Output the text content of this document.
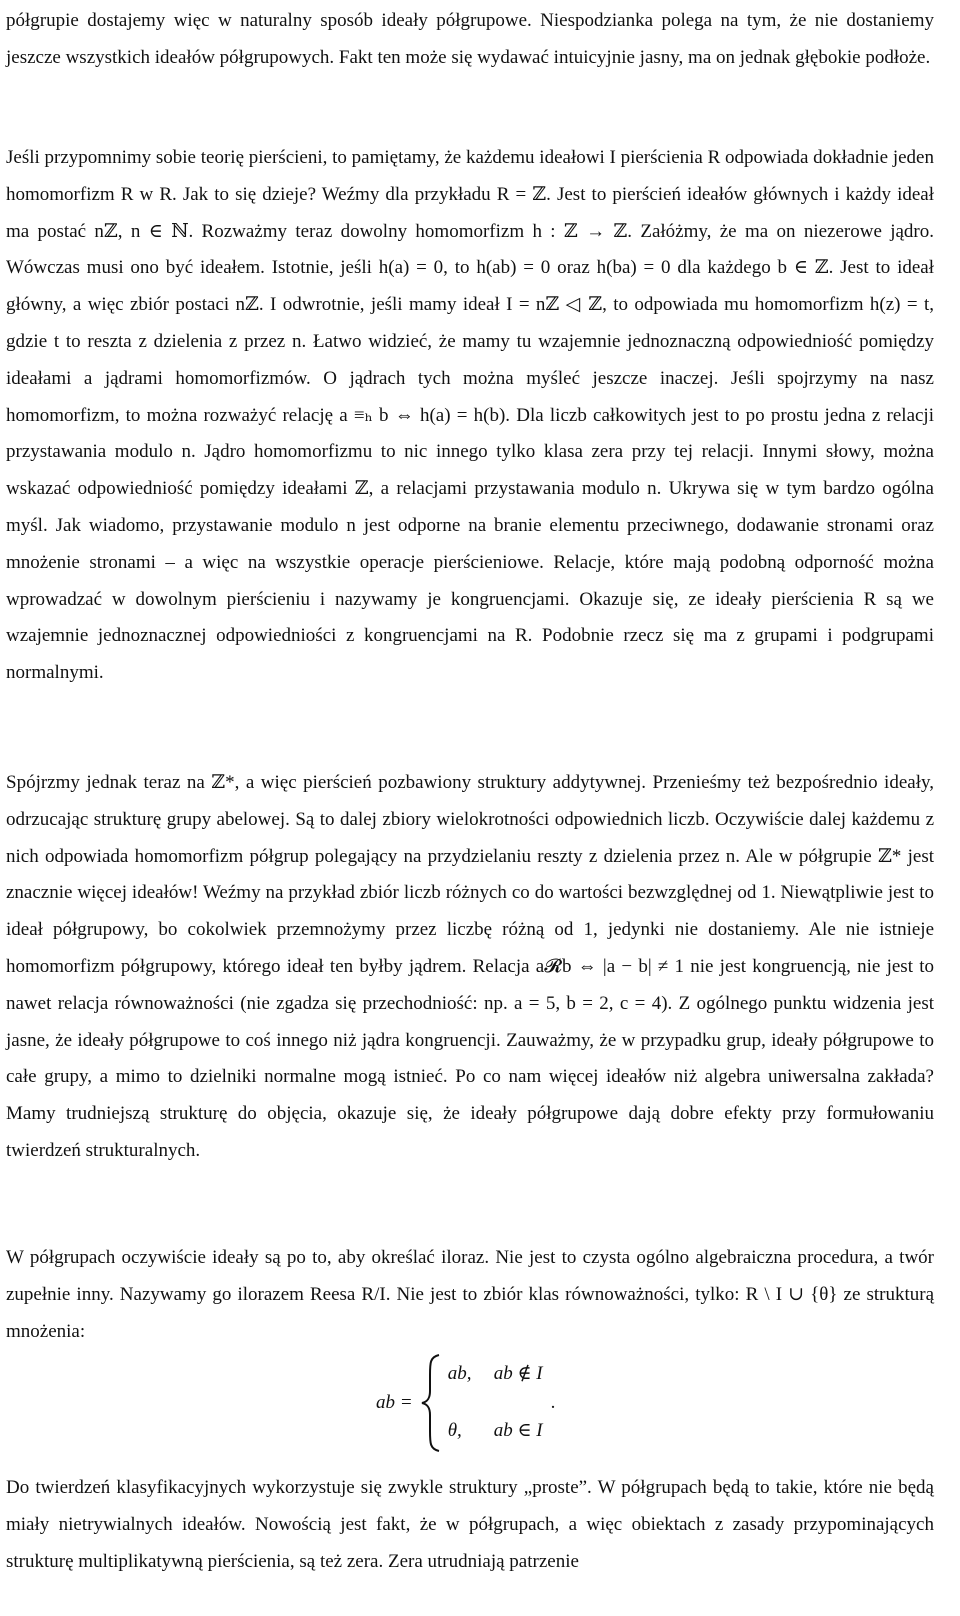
półgrupie dostajemy więc w naturalny sposób ideały półgrupowe. Niespodzianka polega na tym, że nie dostaniemy jeszcze wszystkich ideałów półgrupowych. Fakt ten może się wydawać intuicyjnie jasny, ma on jednak głębokie podłoże.

Jeśli przypomnimy sobie teorię pierścieni, to pamiętamy, że każdemu ideałowi I pierścienia R odpowiada dokładnie jeden homomorfizm R w R. Jak to się dzieje? Weźmy dla przykładu R = ℤ. Jest to pierścień ideałów głównych i każdy ideał ma postać nℤ, n ∈ ℕ. Rozważmy teraz dowolny homomorfizm h : ℤ → ℤ. Załóżmy, że ma on niezerowe jądro. Wówczas musi ono być ideałem. Istotnie, jeśli h(a) = 0, to h(ab) = 0 oraz h(ba) = 0 dla każdego b ∈ ℤ. Jest to ideał główny, a więc zbiór postaci nℤ. I odwrotnie, jeśli mamy ideał I = nℤ ◁ ℤ, to odpowiada mu homomorfizm h(z) = t, gdzie t to reszta z dzielenia z przez n. Łatwo widzieć, że mamy tu wzajemnie jednoznaczną odpowiedniość pomiędzy ideałami a jądrami homomorfizmów. O jądrach tych można myśleć jeszcze inaczej. Jeśli spojrzymy na nasz homomorfizm, to można rozważyć relację a ≡ₕ b ⇔ h(a) = h(b). Dla liczb całkowitych jest to po prostu jedna z relacji przystawania modulo n. Jądro homomorfizmu to nic innego tylko klasa zera przy tej relacji. Innymi słowy, można wskazać odpowiedniość pomiędzy ideałami ℤ, a relacjami przystawania modulo n. Ukrywa się w tym bardzo ogólna myśl. Jak wiadomo, przystawanie modulo n jest odporne na branie elementu przeciwnego, dodawanie stronami oraz mnożenie stronami – a więc na wszystkie operacje pierścieniowe. Relacje, które mają podobną odporność można wprowadzać w dowolnym pierścieniu i nazywamy je kongruencjami. Okazuje się, ze ideały pierścienia R są we wzajemnie jednoznacznej odpowiedniości z kongruencjami na R. Podobnie rzecz się ma z grupami i podgrupami normalnymi.

Spójrzmy jednak teraz na ℤ*, a więc pierścień pozbawiony struktury addytywnej. Przenieśmy też bezpośrednio ideały, odrzucając strukturę grupy abelowej. Są to dalej zbiory wielokrotności odpowiednich liczb. Oczywiście dalej każdemu z nich odpowiada homomorfizm półgrup polegający na przydzielaniu reszty z dzielenia przez n. Ale w półgrupie ℤ* jest znacznie więcej ideałów! Weźmy na przykład zbiór liczb różnych co do wartości bezwzględnej od 1. Niewątpliwie jest to ideał półgrupowy, bo cokolwiek przemnożymy przez liczbę różną od 1, jedynki nie dostaniemy. Ale nie istnieje homomorfizm półgrupowy, którego ideał ten byłby jądrem. Relacja a𝓡b ⇔ |a − b| ≠ 1 nie jest kongruencją, nie jest to nawet relacja równoważności (nie zgadza się przechodniość: np. a = 5, b = 2, c = 4). Z ogólnego punktu widzenia jest jasne, że ideały półgrupowe to coś innego niż jądra kongruencji. Zauważmy, że w przypadku grup, ideały półgrupowe to całe grupy, a mimo to dzielniki normalne mogą istnieć. Po co nam więcej ideałów niż algebra uniwersalna zakłada? Mamy trudniejszą strukturę do objęcia, okazuje się, że ideały półgrupowe dają dobre efekty przy formułowaniu twierdzeń strukturalnych.

W półgrupach oczywiście ideały są po to, aby określać iloraz. Nie jest to czysta ogólno algebraiczna procedura, a twór zupełnie inny. Nazywamy go ilorazem Reesa R/I. Nie jest to zbiór klas równoważności, tylko: R \ I ∪ {θ} ze strukturą mnożenia:

ab =
ab,	ab ∉ I
θ,	ab ∈ I
.

Do twierdzeń klasyfikacyjnych wykorzystuje się zwykle struktury „proste”. W półgrupach będą to takie, które nie będą miały nietrywialnych ideałów. Nowością jest fakt, że w półgrupach, a więc obiektach z zasady przypominających strukturę multiplikatywną pierścienia, są też zera. Zera utrudniają patrzenie
